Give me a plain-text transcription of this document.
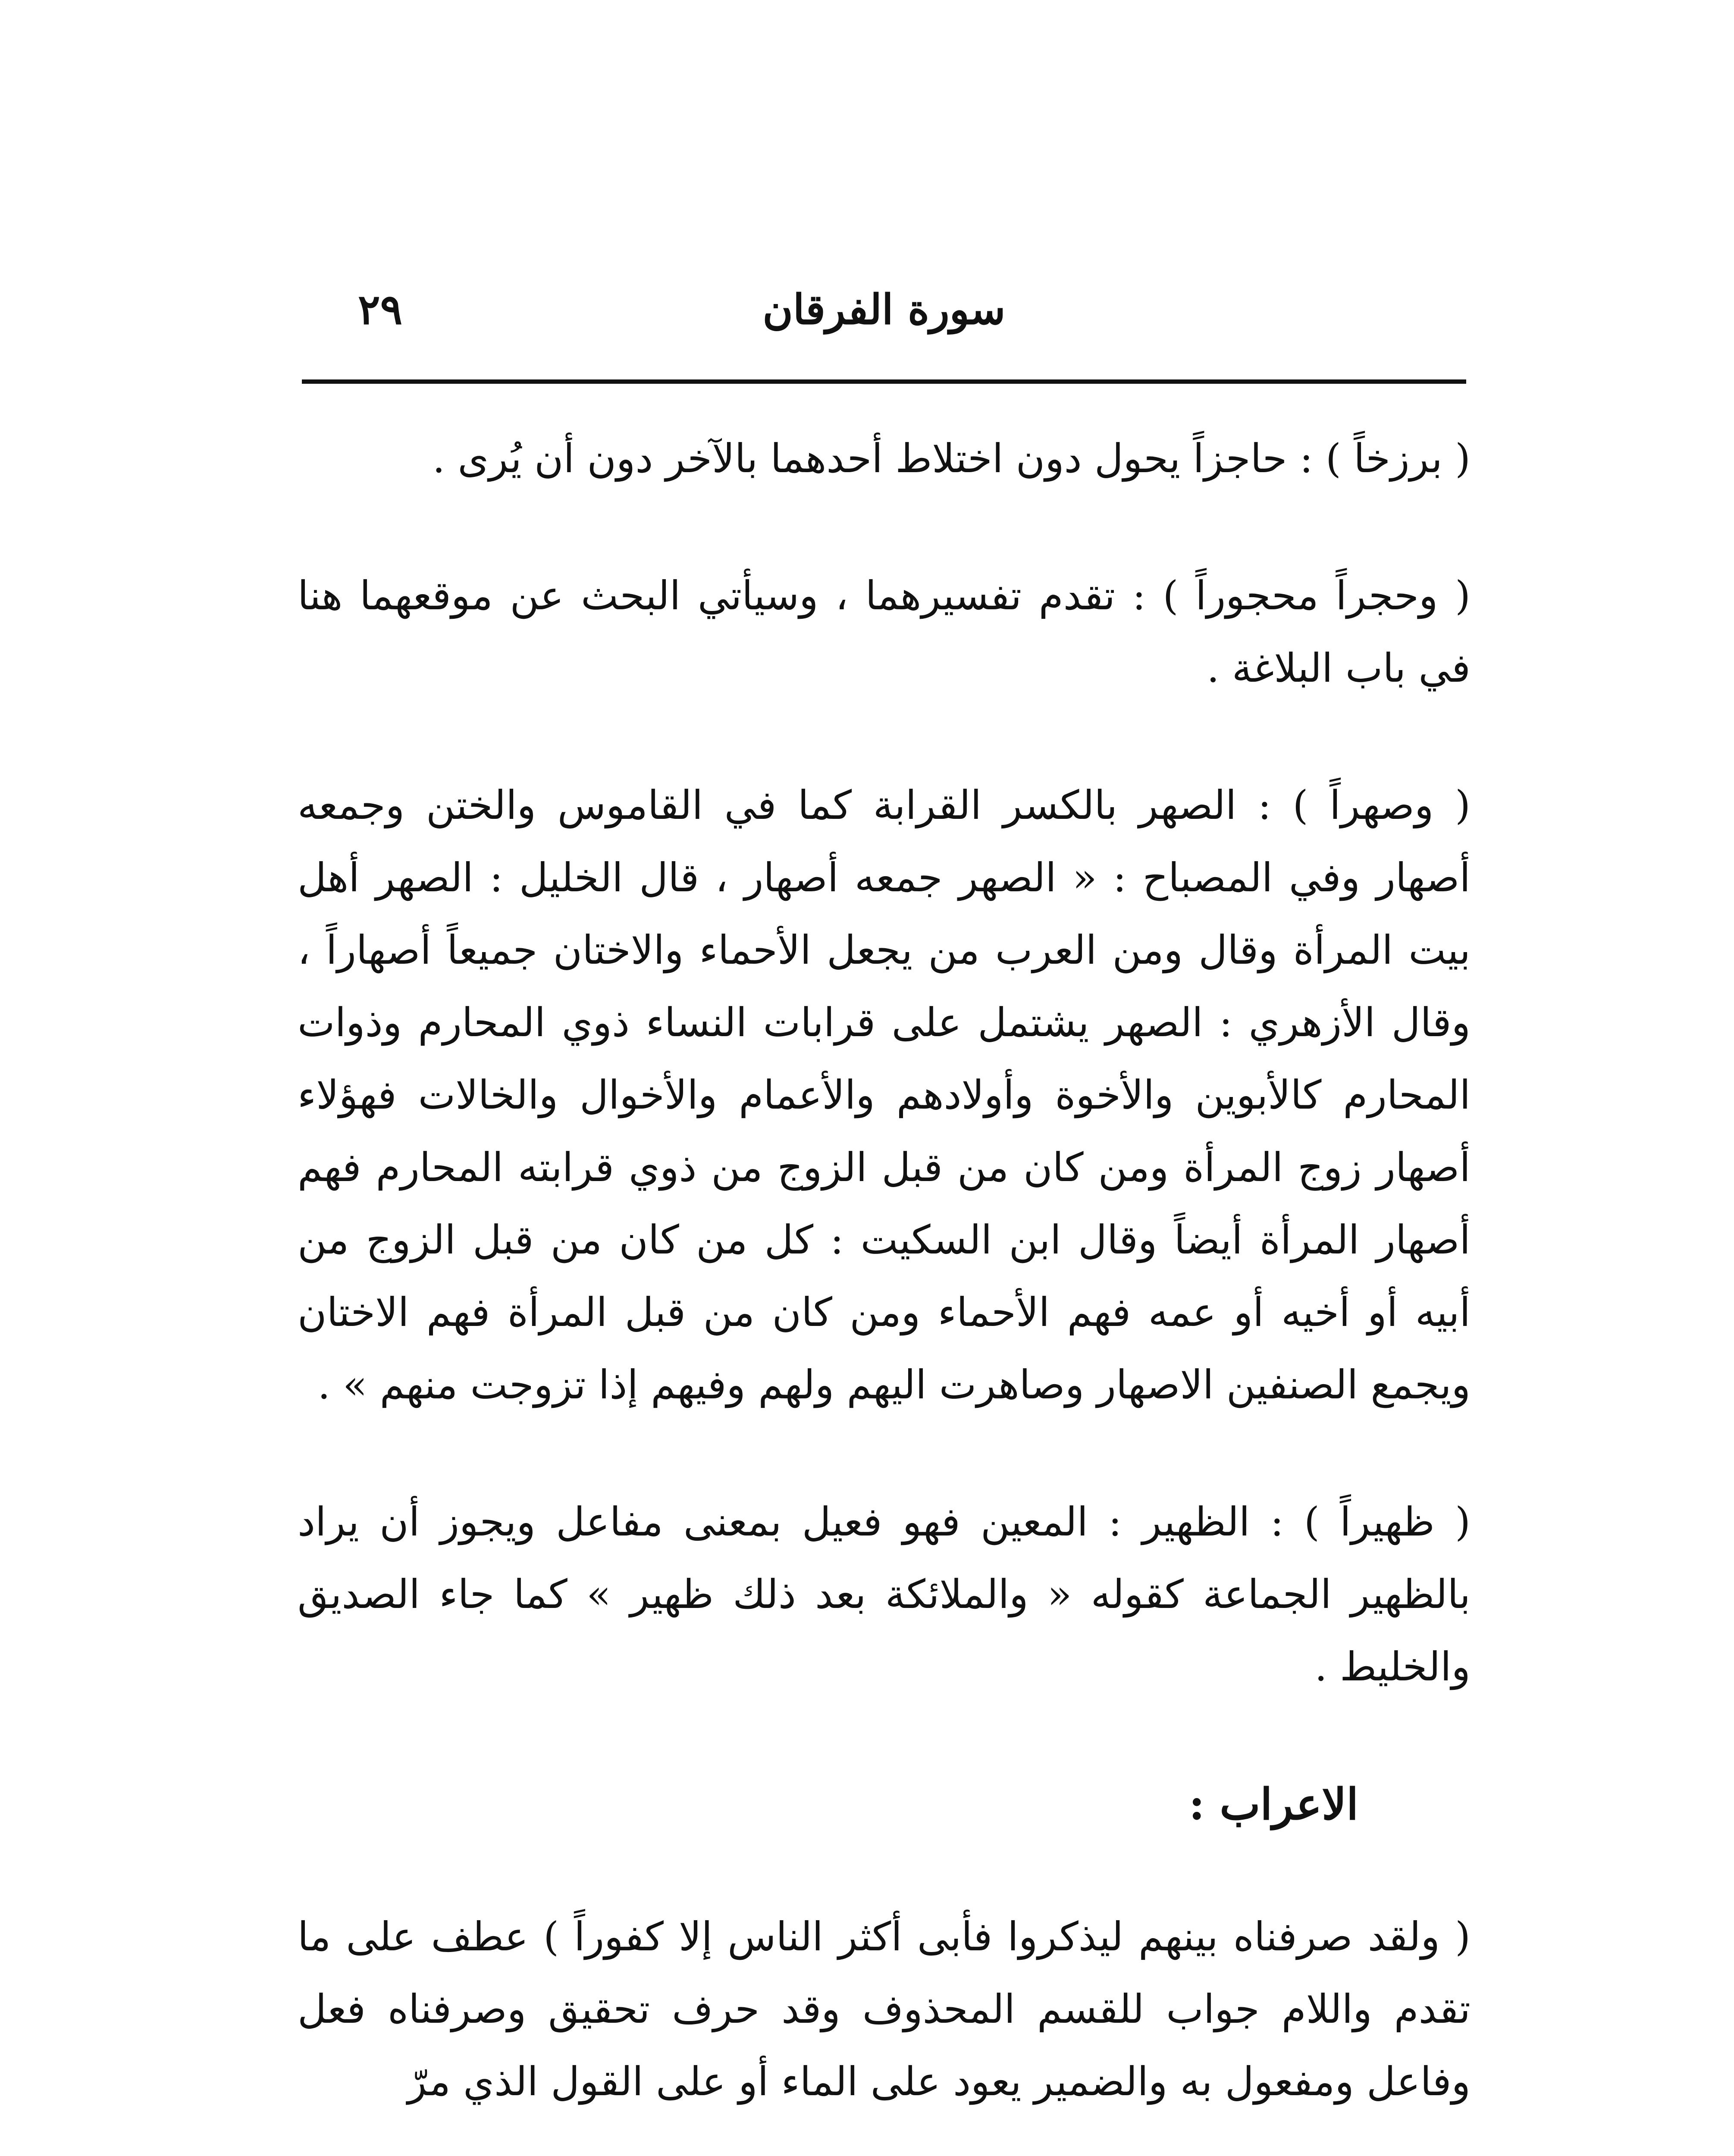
٢٩	سورة الفرقان

( برزخاً ) : حاجزاً يحول دون اختلاط أحدهما بالآخر دون أن يُرى .

( وحجراً محجوراً ) : تقدم تفسيرهما ، وسيأتي البحث عن موقعهما هنا في باب البلاغة .

( وصهراً ) : الصهر بالكسر القرابة كما في القاموس والختن وجمعه أصهار وفي المصباح : « الصهر جمعه أصهار ، قال الخليل : الصهر أهل بيت المرأة وقال ومن العرب من يجعل الأحماء والاختان جميعاً أصهاراً ، وقال الأزهري : الصهر يشتمل على قرابات النساء ذوي المحارم وذوات المحارم كالأبوين والأخوة وأولادهم والأعمام والأخوال والخالات فهؤلاء أصهار زوج المرأة ومن كان من قبل الزوج من ذوي قرابته المحارم فهم أصهار المرأة أيضاً وقال ابن السكيت : كل من كان من قبل الزوج من أبيه أو أخيه أو عمه فهم الأحماء ومن كان من قبل المرأة فهم الاختان ويجمع الصنفين الاصهار وصاهرت اليهم ولهم وفيهم إذا تزوجت منهم » .

( ظهيراً ) : الظهير : المعين فهو فعيل بمعنى مفاعل ويجوز أن يراد بالظهير الجماعة كقوله « والملائكة بعد ذلك ظهير » كما جاء الصديق والخليط .

الاعراب :

( ولقد صرفناه بينهم ليذكروا فأبى أكثر الناس إلا كفوراً ) عطف على ما تقدم واللام جواب للقسم المحذوف وقد حرف تحقيق وصرفناه فعل وفاعل ومفعول به والضمير يعود على الماء أو على القول الذي مرّ
